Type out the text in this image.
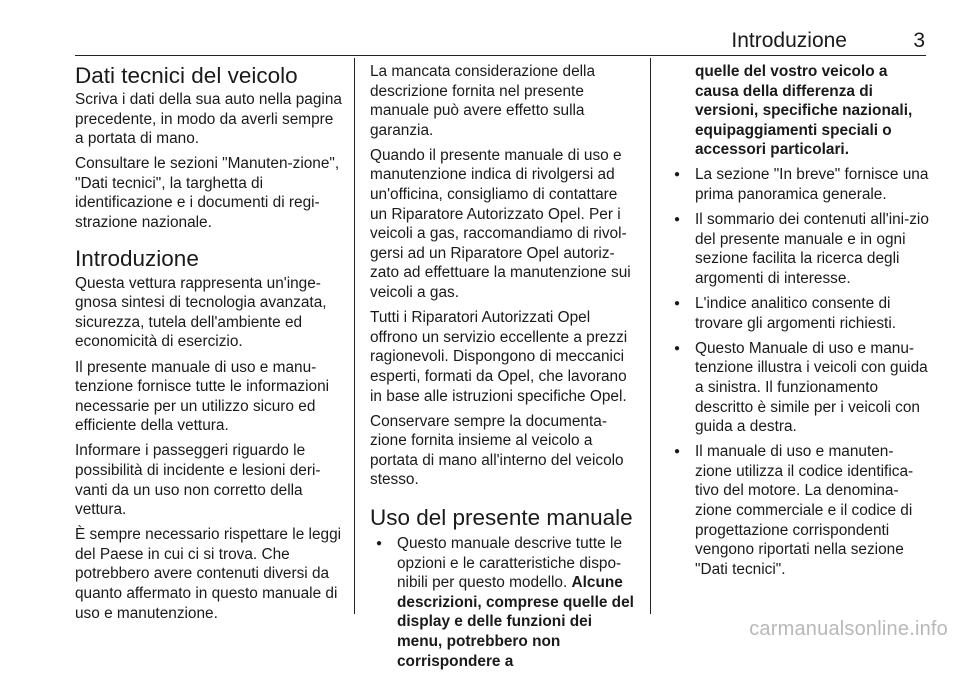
Introduzione	3
Dati tecnici del veicolo

Scriva i dati della sua auto nella pagina precedente, in modo da averli sempre a portata di mano.

Consultare le sezioni "Manuten-zione", "Dati tecnici", la targhetta di identificazione e i documenti di regi-strazione nazionale.

Introduzione

Questa vettura rappresenta un'inge-gnosa sintesi di tecnologia avanzata, sicurezza, tutela dell'ambiente ed economicità di esercizio.

Il presente manuale di uso e manu-tenzione fornisce tutte le informazioni necessarie per un utilizzo sicuro ed efficiente della vettura.

Informare i passeggeri riguardo le possibilità di incidente e lesioni deri-vanti da un uso non corretto della vettura.

È sempre necessario rispettare le leggi del Paese in cui ci si trova. Che potrebbero avere contenuti diversi da quanto affermato in questo manuale di uso e manutenzione.

La mancata considerazione della descrizione fornita nel presente manuale può avere effetto sulla garanzia.

Quando il presente manuale di uso e manutenzione indica di rivolgersi ad un'officina, consigliamo di contattare un Riparatore Autorizzato Opel. Per i veicoli a gas, raccomandiamo di rivol-gersi ad un Riparatore Opel autoriz-zato ad effettuare la manutenzione sui veicoli a gas.

Tutti i Riparatori Autorizzati Opel offrono un servizio eccellente a prezzi ragionevoli. Dispongono di meccanici esperti, formati da Opel, che lavorano in base alle istruzioni specifiche Opel.

Conservare sempre la documenta-zione fornita insieme al veicolo a portata di mano all'interno del veicolo stesso.

Uso del presente manuale
● Questo manuale descrive tutte le opzioni e le caratteristiche dispo-nibili per questo modello. Alcune descrizioni, comprese quelle del display e delle funzioni dei menu, potrebbero non corrispondere a
quelle del vostro veicolo a causa della differenza di versioni, specifiche nazionali, equipaggiamenti speciali o accessori particolari.
● La sezione "In breve" fornisce una prima panoramica generale.
● Il sommario dei contenuti all'ini-zio del presente manuale e in ogni sezione facilita la ricerca degli argomenti di interesse.
● L'indice analitico consente di trovare gli argomenti richiesti.
● Questo Manuale di uso e manu-tenzione illustra i veicoli con guida a sinistra. Il funzionamento descritto è simile per i veicoli con guida a destra.
● Il manuale di uso e manuten-zione utilizza il codice identifica-tivo del motore. La denomina-zione commerciale e il codice di progettazione corrispondenti vengono riportati nella sezione "Dati tecnici".
carmanualsonline.info
